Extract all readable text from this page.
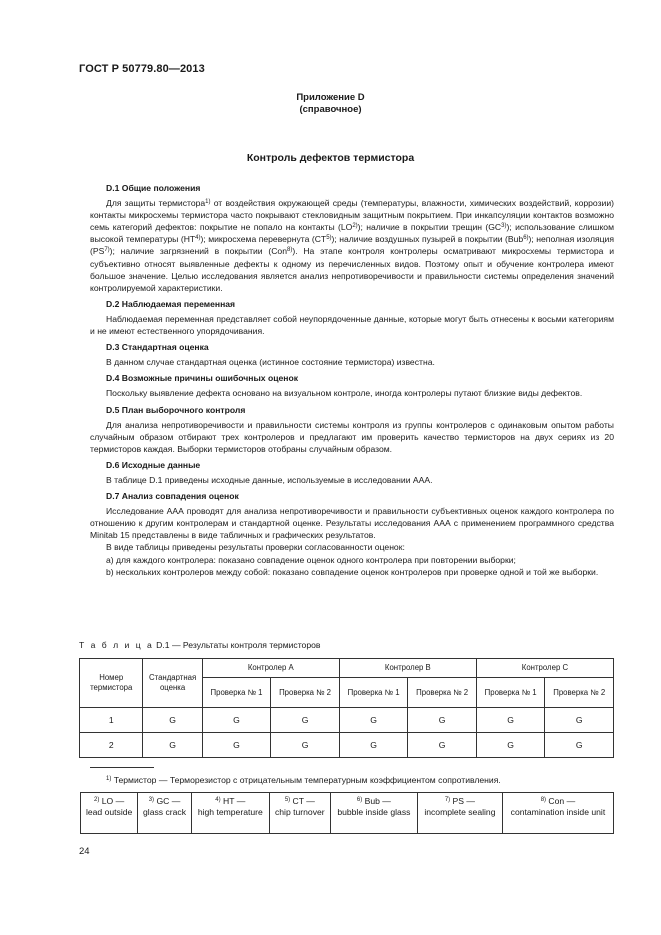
ГОСТ Р 50779.80—2013
Приложение D
(справочное)
Контроль дефектов термистора
D.1 Общие положения

Для защиты термистора$^{1)}$ от воздействия окружающей среды (температуры, влажности, химических воздействий, коррозии) контакты микросхемы термистора часто покрывают стекловидным защитным покрытием. При инкапсуляции контактов возможно семь категорий дефектов: покрытие не попало на контакты (LO$^{2)}$); наличие в покрытии трещин (GC$^{3)}$); использование слишком высокой температуры (HT$^{4)}$); микросхема перевернута (CT$^{5)}$); наличие воздушных пузырей в покрытии (Bub$^{6)}$); неполная изоляция (PS$^{7)}$); наличие загрязнений в покрытии (Con$^{8)}$). На этапе контроля контролеры осматривают микросхемы термистора и субъективно относят выявленные дефекты к одному из перечисленных видов. Поэтому опыт и обучение контролера имеют большое значение. Целью исследования является анализ непротиворечивости и правильности системы определения значений контролируемой характеристики.

D.2 Наблюдаемая переменная

Наблюдаемая переменная представляет собой неупорядоченные данные, которые могут быть отнесены к восьми категориям и не имеют естественного упорядочивания.

D.3 Стандартная оценка

В данном случае стандартная оценка (истинное состояние термистора) известна.

D.4 Возможные причины ошибочных оценок

Поскольку выявление дефекта основано на визуальном контроле, иногда контролеры путают близкие виды дефектов.

D.5 План выборочного контроля

Для анализа непротиворечивости и правильности системы контроля из группы контролеров с одинаковым опытом работы случайным образом отбирают трех контролеров и предлагают им проверить качество термисторов на двух сериях из 20 термисторов каждая. Выборки термисторов отобраны случайным образом.

D.6 Исходные данные

В таблице D.1 приведены исходные данные, используемые в исследовании ААА.

D.7 Анализ совпадения оценок

Исследование ААА проводят для анализа непротиворечивости и правильности субъективных оценок каждого контролера по отношению к другим контролерам и стандартной оценке. Результаты исследования ААА с применением программного средства Minitab 15 представлены в виде табличных и графических результатов.

В виде таблицы приведены результаты проверки согласованности оценок:

a) для каждого контролера: показано совпадение оценок одного контролера при повторении выборки;

b) нескольких контролеров между собой: показано совпадение оценок контролеров при проверке одной и той же выборки.

Т а б л и ц а D.1 — Результаты контроля термисторов
Номер термистора	Стандартная оценка	Контролер А		Контролер В		Контролер С	
		Проверка № 1	Проверка № 2	Проверка № 1	Проверка № 2	Проверка № 1	Проверка № 2
1	G	G	G	G	G	G	G
2	G	G	G	G	G	G	G
$^{1)}$ Термистор — Терморезистор с отрицательным температурным коэффициентом сопротивления.
$^{2)}$ LO —
lead outside	$^{3)}$ GC —
glass crack	$^{4)}$ HT —
high temperature	$^{5)}$ CT —
chip turnover	$^{6)}$ Bub —
bubble inside glass	$^{7)}$ PS —
incomplete sealing	$^{8)}$ Con —
contamination inside unit
24
